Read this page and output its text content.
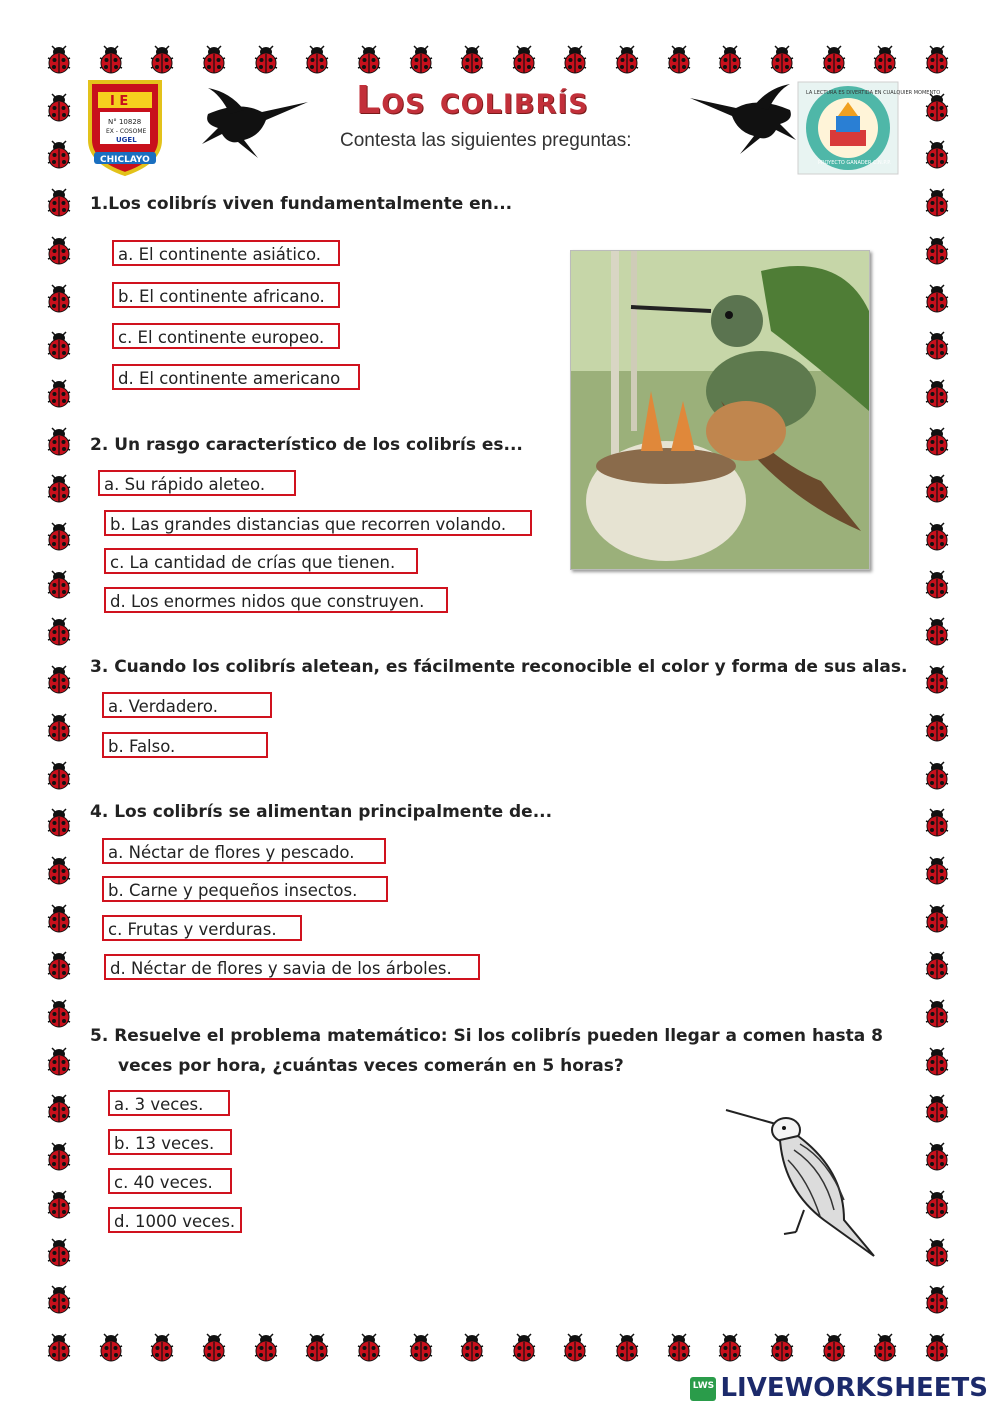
I E
N° 10828
EX - COSOME
UGEL
CHICLAYO
Los colibrís
Contesta las siguientes preguntas:
LA LECTURA ES DIVERTIDA EN CUALQUIER MOMENTO
PROYECTO GANADER C.N.P.P.
1.Los colibrís viven fundamentalmente en...
a. El continente asiático.
b. El continente africano.
c. El continente europeo.
d. El continente americano
2. Un rasgo característico de los colibrís es...
a. Su rápido aleteo.
b. Las grandes distancias que recorren volando.
c. La cantidad de crías que tienen.
d. Los enormes nidos que construyen.
3. Cuando los colibrís aletean, es fácilmente reconocible el color y forma de sus alas.
a. Verdadero.
b. Falso.
4. Los colibrís se alimentan principalmente de...
a. Néctar de flores y pescado.
b. Carne y pequeños insectos.
c. Frutas y verduras.
d. Néctar de flores y savia de los árboles.
5. Resuelve el problema matemático: Si los colibrís pueden llegar a comen hasta 8
veces por hora, ¿cuántas veces comerán en 5 horas?
a. 3 veces.
b. 13 veces.
c. 40 veces.
d. 1000 veces.
LWS LIVEWORKSHEETS
